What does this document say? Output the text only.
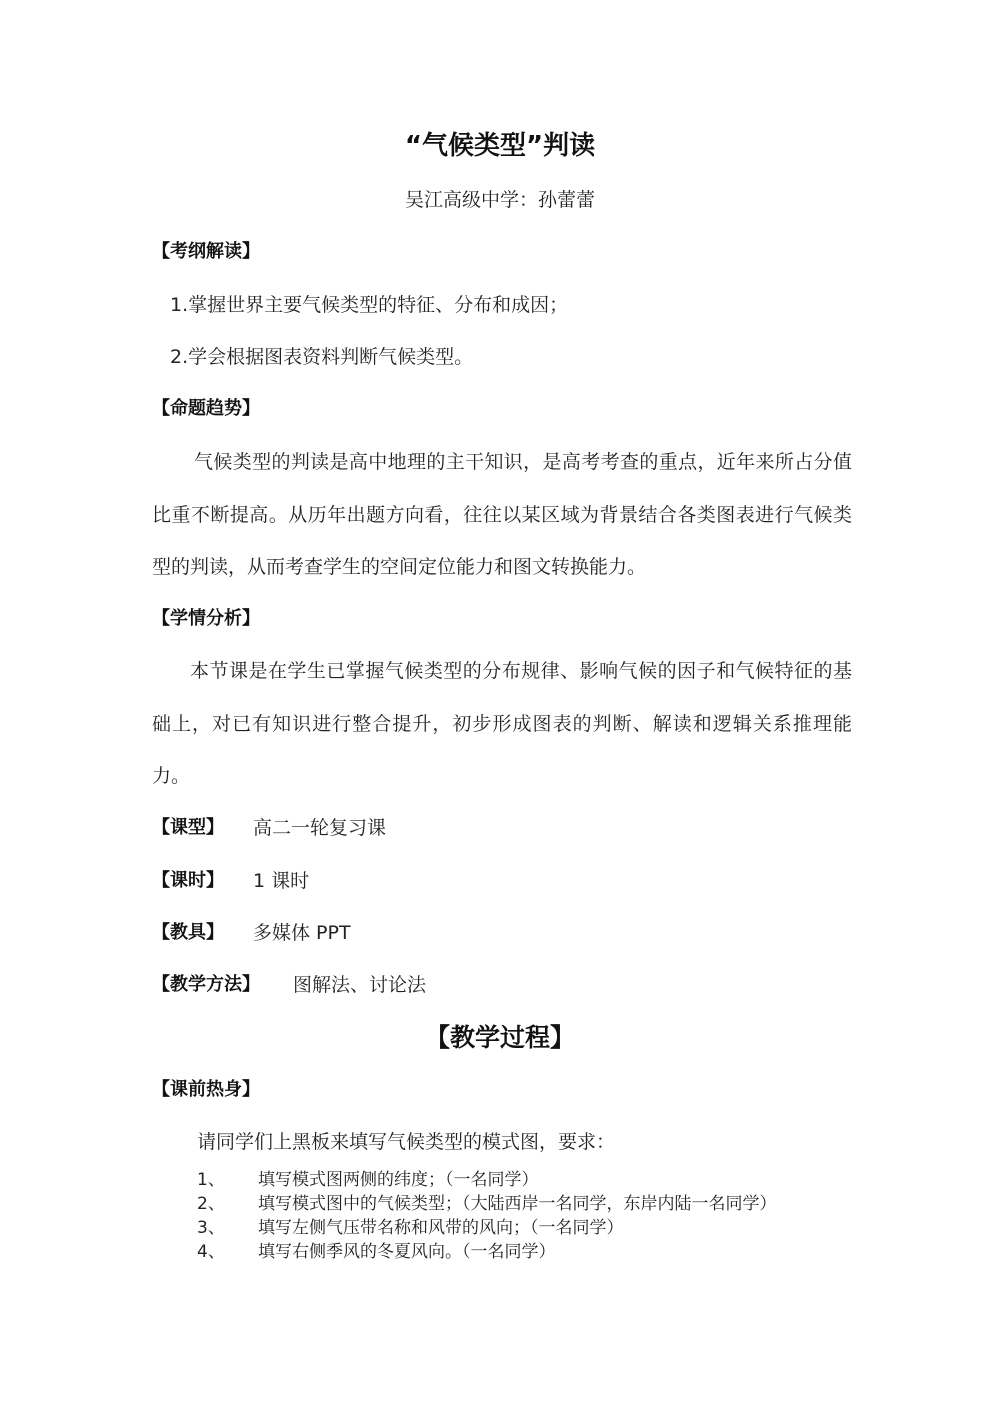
“气候类型”判读
吴江高级中学：孙蕾蕾
【考纲解读】
1.掌握世界主要气候类型的特征、分布和成因；
2.学会根据图表资料判断气候类型。
【命题趋势】
气候类型的判读是高中地理的主干知识，是高考考查的重点，近年来所占分值比重不断提高。从历年出题方向看，往往以某区域为背景结合各类图表进行气候类型的判读，从而考查学生的空间定位能力和图文转换能力。
【学情分析】
本节课是在学生已掌握气候类型的分布规律、影响气候的因子和气候特征的基础上，对已有知识进行整合提升，初步形成图表的判断、解读和逻辑关系推理能力。
【课型】	高二一轮复习课
【课时】	1 课时
【教具】	多媒体 PPT
【教学方法】	图解法、讨论法
【教学过程】
【课前热身】
请同学们上黑板来填写气候类型的模式图，要求：
1、	填写模式图两侧的纬度；（一名同学）
2、	填写模式图中的气候类型；（大陆西岸一名同学，东岸内陆一名同学）
3、	填写左侧气压带名称和风带的风向；（一名同学）
4、	填写右侧季风的冬夏风向。（一名同学）
